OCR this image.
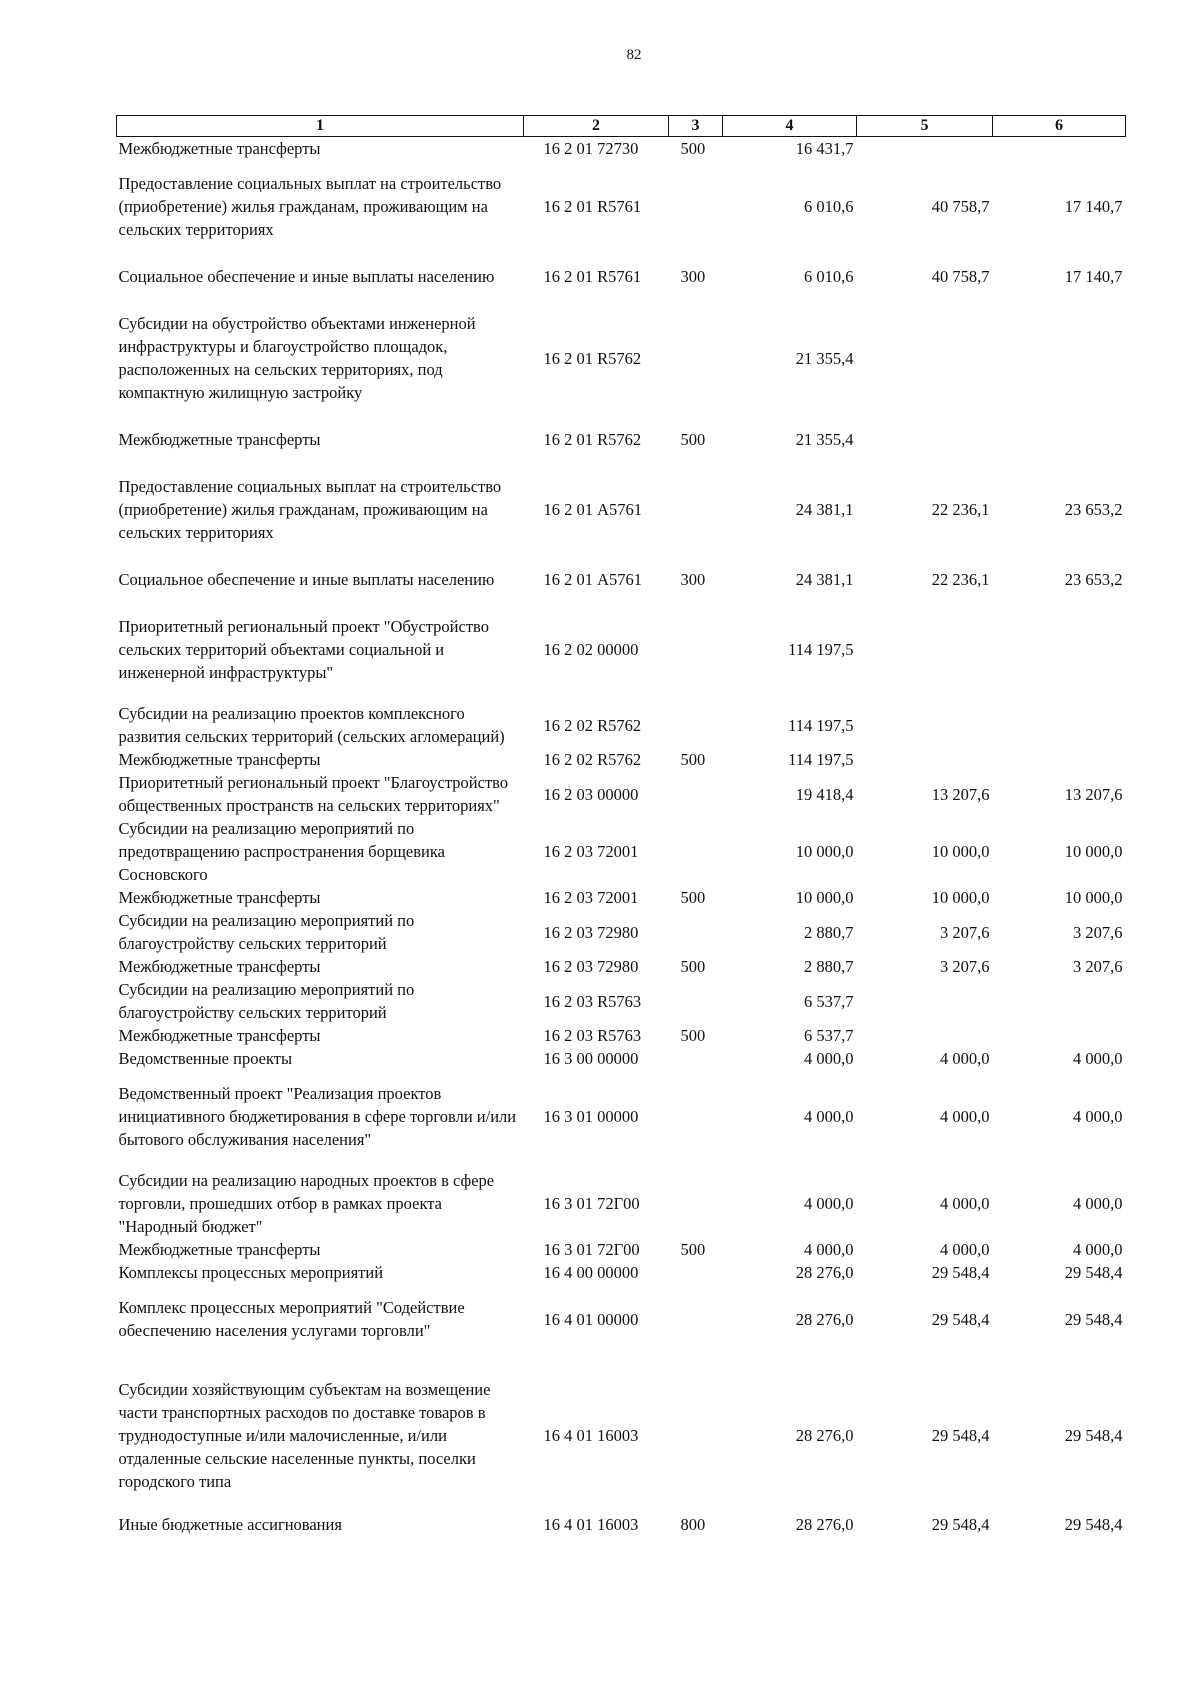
82
1	2	3	4	5	6
Межбюджетные трансферты	16 2 01 72730	500	16 431,7		
Предоставление социальных выплат на строительство (приобретение) жилья гражданам, проживающим на сельских территориях	16 2 01 R5761		6 010,6	40 758,7	17 140,7
Социальное обеспечение и иные выплаты населению	16 2 01 R5761	300	6 010,6	40 758,7	17 140,7
Субсидии на обустройство объектами инженерной инфраструктуры и благоустройство площадок, расположенных на сельских территориях, под компактную жилищную застройку	16 2 01 R5762		21 355,4		
Межбюджетные трансферты	16 2 01 R5762	500	21 355,4		
Предоставление социальных выплат на строительство (приобретение) жилья гражданам, проживающим на сельских территориях	16 2 01 А5761		24 381,1	22 236,1	23 653,2
Социальное обеспечение и иные выплаты населению	16 2 01 А5761	300	24 381,1	22 236,1	23 653,2
Приоритетный региональный проект "Обустройство сельских территорий объектами социальной и инженерной инфраструктуры"	16 2 02 00000		114 197,5		
Субсидии на реализацию проектов комплексного развития сельских территорий (сельских агломераций)	16 2 02 R5762		114 197,5		
Межбюджетные трансферты	16 2 02 R5762	500	114 197,5		
Приоритетный региональный проект "Благоустройство общественных пространств на сельских территориях"	16 2 03 00000		19 418,4	13 207,6	13 207,6
Субсидии на реализацию мероприятий по предотвращению распространения борщевика Сосновского	16 2 03 72001		10 000,0	10 000,0	10 000,0
Межбюджетные трансферты	16 2 03 72001	500	10 000,0	10 000,0	10 000,0
Субсидии на реализацию мероприятий по благоустройству сельских территорий	16 2 03 72980		2 880,7	3 207,6	3 207,6
Межбюджетные трансферты	16 2 03 72980	500	2 880,7	3 207,6	3 207,6
Субсидии на реализацию мероприятий по благоустройству сельских территорий	16 2 03 R5763		6 537,7		
Межбюджетные трансферты	16 2 03 R5763	500	6 537,7		
Ведомственные проекты	16 3 00 00000		4 000,0	4 000,0	4 000,0
Ведомственный проект "Реализация проектов инициативного бюджетирования в сфере торговли и/или бытового обслуживания населения"	16 3 01 00000		4 000,0	4 000,0	4 000,0
Субсидии на реализацию народных проектов в сфере торговли, прошедших отбор в рамках проекта "Народный бюджет"	16 3 01 72Г00		4 000,0	4 000,0	4 000,0
Межбюджетные трансферты	16 3 01 72Г00	500	4 000,0	4 000,0	4 000,0
Комплексы процессных мероприятий	16 4 00 00000		28 276,0	29 548,4	29 548,4
Комплекс процессных мероприятий "Содействие обеспечению населения услугами торговли"	16 4 01 00000		28 276,0	29 548,4	29 548,4
Субсидии хозяйствующим субъектам на возмещение части транспортных расходов по доставке товаров в труднодоступные и/или малочисленные, и/или отдаленные сельские населенные пункты, поселки городского типа	16 4 01 16003		28 276,0	29 548,4	29 548,4
Иные бюджетные ассигнования	16 4 01 16003	800	28 276,0	29 548,4	29 548,4
